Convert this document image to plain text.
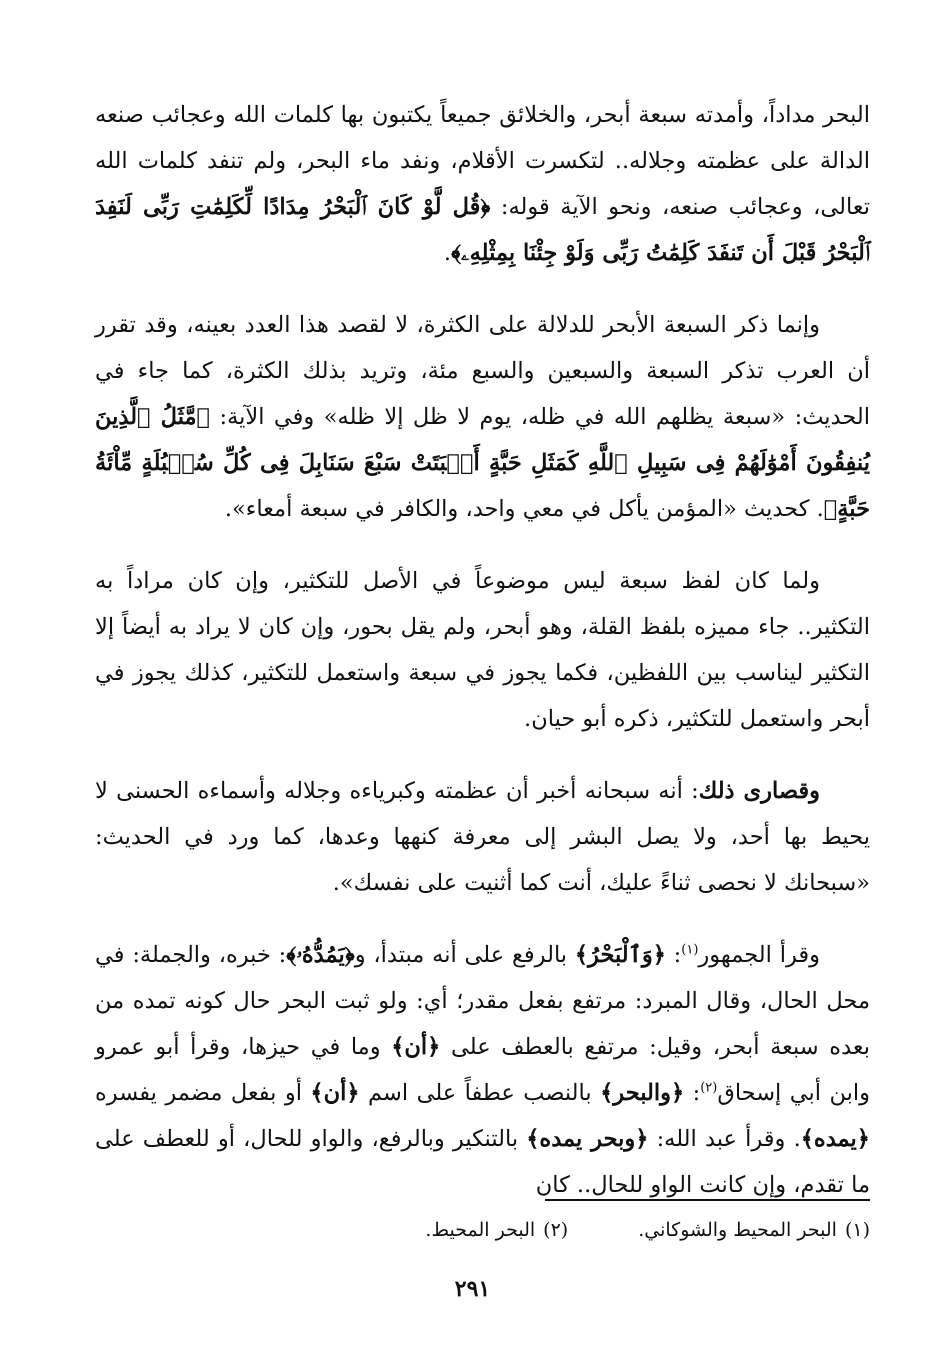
البحر مداداً، وأمدته سبعة أبحر، والخلائق جميعاً يكتبون بها كلمات الله وعجائب صنعه الدالة على عظمته وجلاله.. لتكسرت الأقلام، ونفد ماء البحر، ولم تنفد كلمات الله تعالى، وعجائب صنعه، ونحو الآية قوله: ﴿قُل لَّوْ كَانَ ٱلْبَحْرُ مِدَادًا لِّكَلِمَٰتِ رَبِّى لَنَفِدَ ٱلْبَحْرُ قَبْلَ أَن تَنفَدَ كَلِمَٰتُ رَبِّى وَلَوْ جِئْنَا بِمِثْلِهِۦ﴾.

وإنما ذكر السبعة الأبحر للدلالة على الكثرة، لا لقصد هذا العدد بعينه، وقد تقرر أن العرب تذكر السبعة والسبعين والسبع مئة، وتريد بذلك الكثرة، كما جاء في الحديث: «سبعة يظلهم الله في ظله، يوم لا ظل إلا ظله» وفي الآية: ﴿مَّثَلُ ٱلَّذِينَ يُنفِقُونَ أَمْوَٰلَهُمْ فِى سَبِيلِ ٱللَّهِ كَمَثَلِ حَبَّةٍ أَنۢبَتَتْ سَبْعَ سَنَابِلَ فِى كُلِّ سُنۢبُلَةٍ مِّاْئَةُ حَبَّةٍ﴾. كحديث «المؤمن يأكل في معي واحد، والكافر في سبعة أمعاء».

ولما كان لفظ سبعة ليس موضوعاً في الأصل للتكثير، وإن كان مراداً به التكثير.. جاء مميزه بلفظ القلة، وهو أبحر، ولم يقل بحور، وإن كان لا يراد به أيضاً إلا التكثير ليناسب بين اللفظين، فكما يجوز في سبعة واستعمل للتكثير، كذلك يجوز في أبحر واستعمل للتكثير، ذكره أبو حيان.

وقصارى ذلك: أنه سبحانه أخبر أن عظمته وكبرياءه وجلاله وأسماءه الحسنى لا يحيط بها أحد، ولا يصل البشر إلى معرفة كنهها وعدها، كما ورد في الحديث: «سبحانك لا نحصى ثناءً عليك، أنت كما أثنيت على نفسك».

وقرأ الجمهور$^{(١)}$: ﴿وَٱلْبَحْرُ﴾ بالرفع على أنه مبتدأ، و﴿يَمُدُّهُۥ﴾: خبره، والجملة: في محل الحال، وقال المبرد: مرتفع بفعل مقدر؛ أي: ولو ثبت البحر حال كونه تمده من بعده سبعة أبحر، وقيل: مرتفع بالعطف على ﴿أن﴾ وما في حيزها، وقرأ أبو عمرو وابن أبي إسحاق$^{(٢)}$: ﴿والبحر﴾ بالنصب عطفاً على اسم ﴿أن﴾ أو بفعل مضمر يفسره ﴿يمده﴾. وقرأ عبد الله: ﴿وبحر يمده﴾ بالتنكير وبالرفع، والواو للحال، أو للعطف على ما تقدم، وإن كانت الواو للحال.. كان

(١)البحر المحيط والشوكاني.
(٢)البحر المحيط.
٢٩١
